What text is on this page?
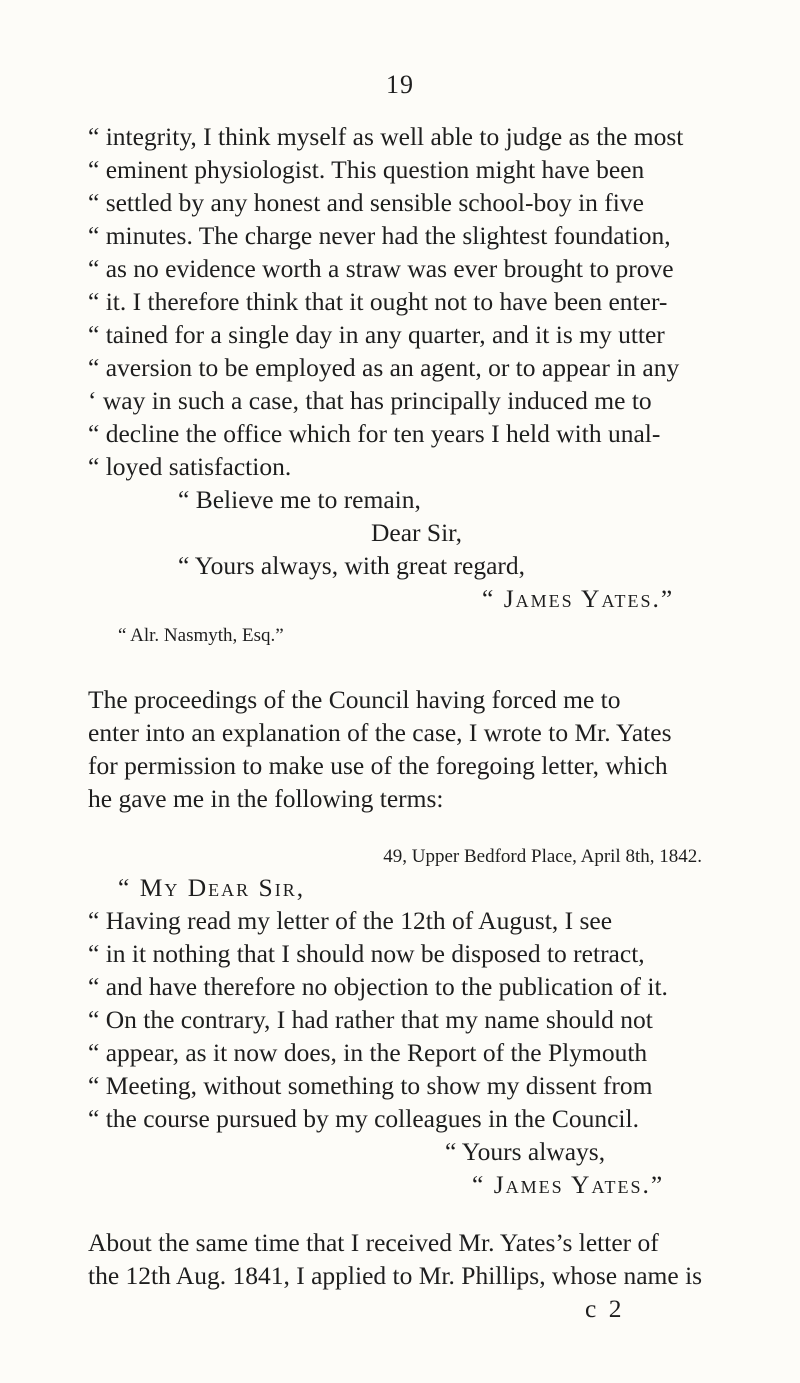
19
“ integrity, I think myself as well able to judge as the most
“ eminent physiologist. This question might have been
“ settled by any honest and sensible school-boy in five
“ minutes. The charge never had the slightest foundation,
“ as no evidence worth a straw was ever brought to prove
“ it. I therefore think that it ought not to have been enter-
“ tained for a single day in any quarter, and it is my utter
“ aversion to be employed as an agent, or to appear in any
‘ way in such a case, that has principally induced me to
“ decline the office which for ten years I held with unal-
“ loyed satisfaction.
“ Believe me to remain,
Dear Sir,
“ Yours always, with great regard,
“ James Yates.”
“ Alr. Nasmyth, Esq.”
The proceedings of the Council having forced me to
enter into an explanation of the case, I wrote to Mr. Yates
for permission to make use of the foregoing letter, which
he gave me in the following terms:
49, Upper Bedford Place, April 8th, 1842.
“ My Dear Sir,
“ Having read my letter of the 12th of August, I see
“ in it nothing that I should now be disposed to retract,
“ and have therefore no objection to the publication of it.
“ On the contrary, I had rather that my name should not
“ appear, as it now does, in the Report of the Plymouth
“ Meeting, without something to show my dissent from
“ the course pursued by my colleagues in the Council.
“ Yours always,
“ James Yates.”
About the same time that I received Mr. Yates’s letter of
the 12th Aug. 1841, I applied to Mr. Phillips, whose name is
c 2
